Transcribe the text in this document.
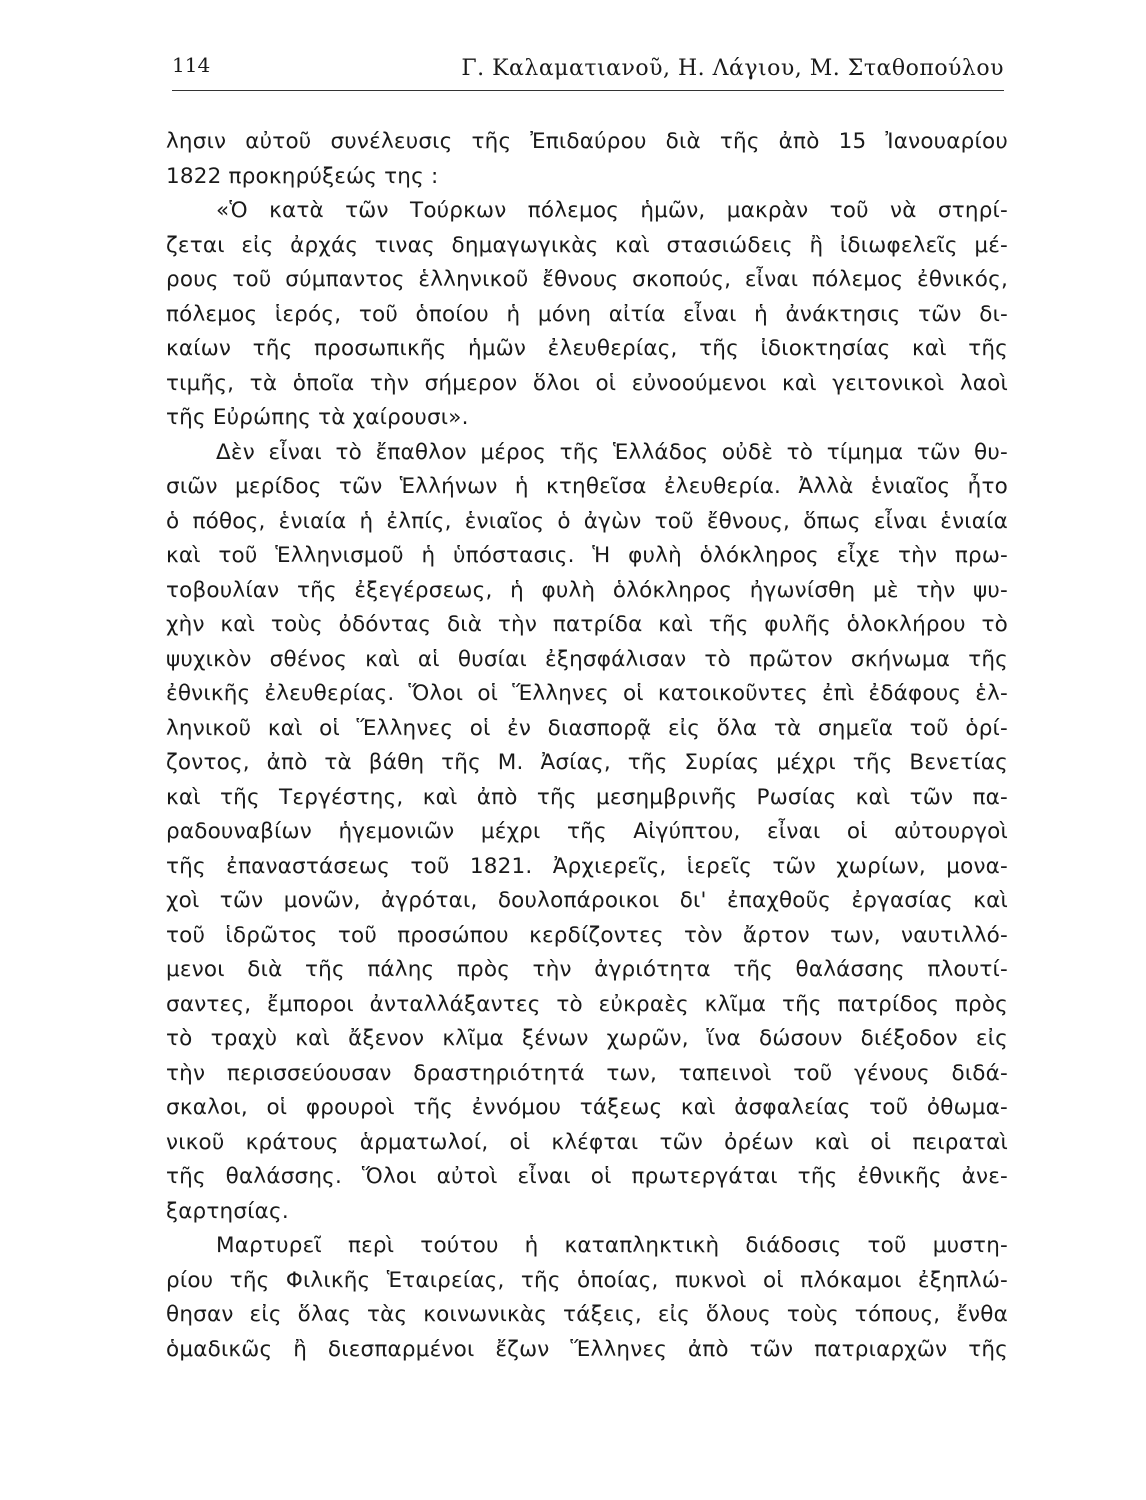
114	Γ. Καλαματιανοῦ, Η. Λάγιου, Μ. Σταθοπούλου
λησιν αὐτοῦ συνέλευσις τῆς Ἐπιδαύρου διὰ τῆς ἀπὸ 15 Ἰανουαρίου
1822 προκηρύξεώς της :
«Ὁ κατὰ τῶν Τούρκων πόλεμος ἡμῶν, μακρὰν τοῦ νὰ στηρί-
ζεται εἰς ἀρχάς τινας δημαγωγικὰς καὶ στασιώδεις ἢ ἰδιωφελεῖς μέ-
ρους τοῦ σύμπαντος ἑλληνικοῦ ἔθνους σκοπούς, εἶναι πόλεμος ἐθνικός,
πόλεμος ἱερός, τοῦ ὁποίου ἡ μόνη αἰτία εἶναι ἡ ἀνάκτησις τῶν δι-
καίων τῆς προσωπικῆς ἡμῶν ἐλευθερίας, τῆς ἰδιοκτησίας καὶ τῆς
τιμῆς, τὰ ὁποῖα τὴν σήμερον ὅλοι οἱ εὐνοούμενοι καὶ γειτονικοὶ λαοὶ
τῆς Εὐρώπης τὰ χαίρουσι».
Δὲν εἶναι τὸ ἔπαθλον μέρος τῆς Ἑλλάδος οὐδὲ τὸ τίμημα τῶν θυ-
σιῶν μερίδος τῶν Ἑλλήνων ἡ κτηθεῖσα ἐλευθερία. Ἀλλὰ ἑνιαῖος ἦτο
ὁ πόθος, ἑνιαία ἡ ἐλπίς, ἑνιαῖος ὁ ἀγὼν τοῦ ἔθνους, ὅπως εἶναι ἑνιαία
καὶ τοῦ Ἑλληνισμοῦ ἡ ὑπόστασις. Ἡ φυλὴ ὁλόκληρος εἶχε τὴν πρω-
τοβουλίαν τῆς ἐξεγέρσεως, ἡ φυλὴ ὁλόκληρος ἠγωνίσθη μὲ τὴν ψυ-
χὴν καὶ τοὺς ὀδόντας διὰ τὴν πατρίδα καὶ τῆς φυλῆς ὁλοκλήρου τὸ
ψυχικὸν σθένος καὶ αἱ θυσίαι ἐξησφάλισαν τὸ πρῶτον σκήνωμα τῆς
ἐθνικῆς ἐλευθερίας. Ὅλοι οἱ Ἕλληνες οἱ κατοικοῦντες ἐπὶ ἐδάφους ἑλ-
ληνικοῦ καὶ οἱ Ἕλληνες οἱ ἐν διασπορᾷ εἰς ὅλα τὰ σημεῖα τοῦ ὁρί-
ζοντος, ἀπὸ τὰ βάθη τῆς Μ. Ἀσίας, τῆς Συρίας μέχρι τῆς Βενετίας
καὶ τῆς Τεργέστης, καὶ ἀπὸ τῆς μεσημβρινῆς Ρωσίας καὶ τῶν πα-
ραδουναβίων ἡγεμονιῶν μέχρι τῆς Αἰγύπτου, εἶναι οἱ αὐτουργοὶ
τῆς ἐπαναστάσεως τοῦ 1821. Ἀρχιερεῖς, ἱερεῖς τῶν χωρίων, μονα-
χοὶ τῶν μονῶν, ἀγρόται, δουλοπάροικοι δι' ἐπαχθοῦς ἐργασίας καὶ
τοῦ ἱδρῶτος τοῦ προσώπου κερδίζοντες τὸν ἄρτον των, ναυτιλλό-
μενοι διὰ τῆς πάλης πρὸς τὴν ἀγριότητα τῆς θαλάσσης πλουτί-
σαντες, ἔμποροι ἀνταλλάξαντες τὸ εὐκραὲς κλῖμα τῆς πατρίδος πρὸς
τὸ τραχὺ καὶ ἄξενον κλῖμα ξένων χωρῶν, ἵνα δώσουν διέξοδον εἰς
τὴν περισσεύουσαν δραστηριότητά των, ταπεινοὶ τοῦ γένους διδά-
σκαλοι, οἱ φρουροὶ τῆς ἐννόμου τάξεως καὶ ἀσφαλείας τοῦ ὀθωμα-
νικοῦ κράτους ἁρματωλοί, οἱ κλέφται τῶν ὀρέων καὶ οἱ πειραταὶ
τῆς θαλάσσης. Ὅλοι αὐτοὶ εἶναι οἱ πρωτεργάται τῆς ἐθνικῆς ἀνε-
ξαρτησίας.
Μαρτυρεῖ περὶ τούτου ἡ καταπληκτικὴ διάδοσις τοῦ μυστη-
ρίου τῆς Φιλικῆς Ἑταιρείας, τῆς ὁποίας, πυκνοὶ οἱ πλόκαμοι ἐξηπλώ-
θησαν εἰς ὅλας τὰς κοινωνικὰς τάξεις, εἰς ὅλους τοὺς τόπους, ἔνθα
ὁμαδικῶς ἢ διεσπαρμένοι ἔζων Ἕλληνες ἀπὸ τῶν πατριαρχῶν τῆς
